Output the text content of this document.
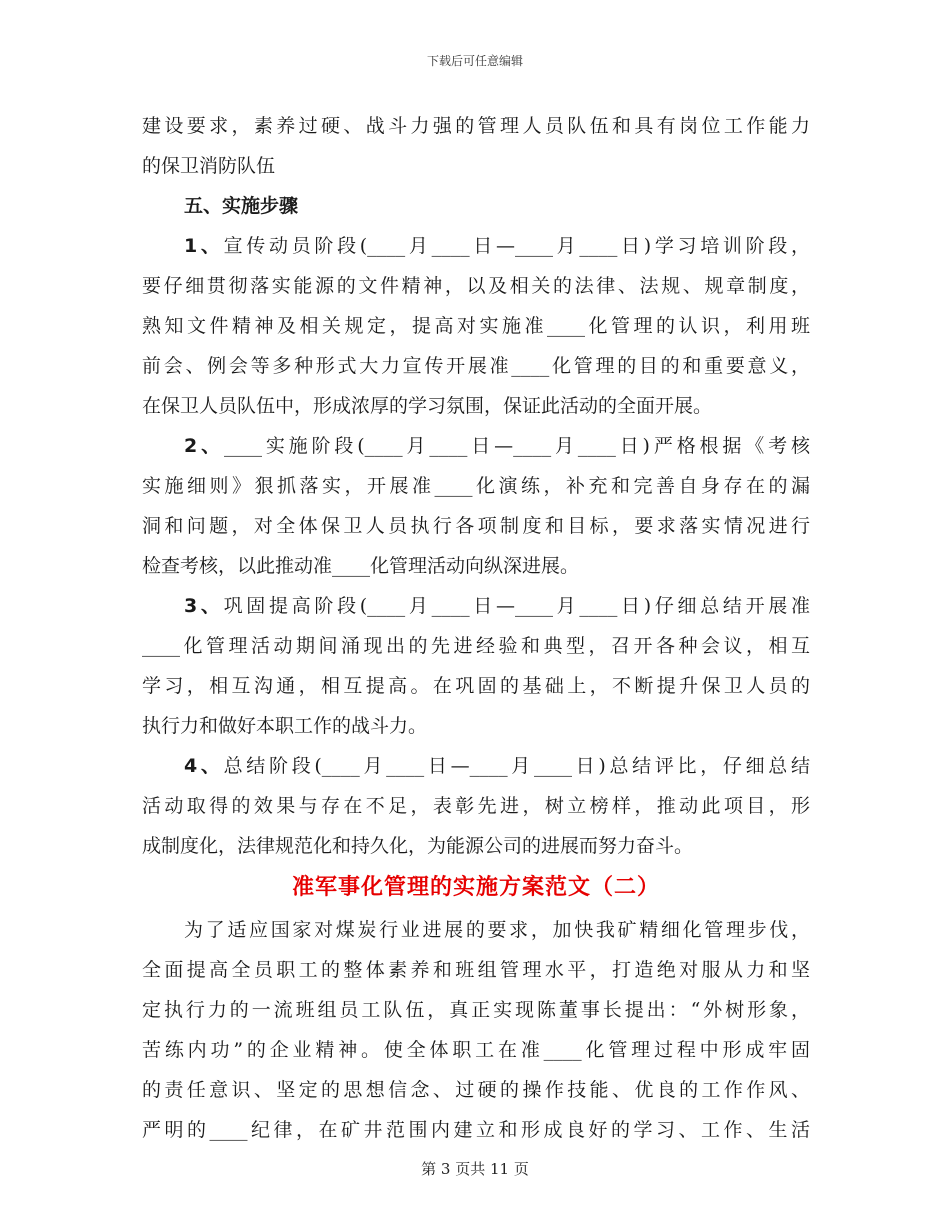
下载后可任意编辑
建设要求，素养过硬、战斗力强的管理人员队伍和具有岗位工作能力
的保卫消防队伍
五、实施步骤
1、宣传动员阶段(____月____日—____月____日)学习培训阶段，
要仔细贯彻落实能源的文件精神，以及相关的法律、法规、规章制度，
熟知文件精神及相关规定，提高对实施准____化管理的认识，利用班
前会、例会等多种形式大力宣传开展准____化管理的目的和重要意义，
在保卫人员队伍中，形成浓厚的学习氛围，保证此活动的全面开展。
2、____实施阶段(____月____日—____月____日)严格根据《考核
实施细则》狠抓落实，开展准____化演练，补充和完善自身存在的漏
洞和问题，对全体保卫人员执行各项制度和目标，要求落实情况进行
检查考核，以此推动准____化管理活动向纵深进展。
3、巩固提高阶段(____月____日—____月____日)仔细总结开展准
____化管理活动期间涌现出的先进经验和典型，召开各种会议，相互
学习，相互沟通，相互提高。在巩固的基础上，不断提升保卫人员的
执行力和做好本职工作的战斗力。
4、总结阶段(____月____日—____月____日)总结评比，仔细总结
活动取得的效果与存在不足，表彰先进，树立榜样，推动此项目，形
成制度化，法律规范化和持久化，为能源公司的进展而努力奋斗。
准军事化管理的实施方案范文（二）
为了适应国家对煤炭行业进展的要求，加快我矿精细化管理步伐，
全面提高全员职工的整体素养和班组管理水平，打造绝对服从力和坚
定执行力的一流班组员工队伍，真正实现陈董事长提出：“外树形象，
苦练内功”的企业精神。使全体职工在准____化管理过程中形成牢固
的责任意识、坚定的思想信念、过硬的操作技能、优良的工作作风、
严明的____纪律，在矿井范围内建立和形成良好的学习、工作、生活
第 3 页共 11 页
